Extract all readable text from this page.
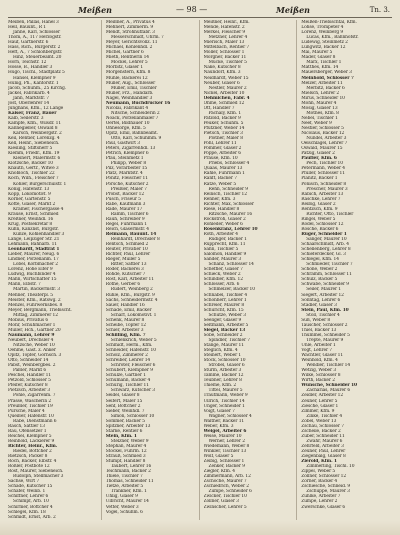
Meißen	— 98 —	Meißen	Tn. 3.
Meißen, Pallas, Hänel 3
Hell, Bauunt., R 1
Jahne, Karl, Schlosser
Thom, A., 117 Herzogstr.
Hauf, Gärtnerstr. 6
Hass, Rich., Bürgerstr. 2
Heft, A., 7 Schloßbergstr.
Hinz, Steuerbeamt. 20
Horn, Teichstr. 12
Hosse, B., Händler 3
Hugo, Tischl., Stadtplatz 5
Hänsel, Klempner 9
Hünig, Ph., Kantorstr. 1
Jacob, Schuhm., 25 Kirchg.
Jäckel, Fabrikarb. 4
Jahn, Marktstr. 7
Jost, Oberlehrer 14
Junghans, Kfm., 12 Lange
Kaiser, Franz, Bauer
Kalb, Seilerstr. 3
Kämpfe, Kfm., Wilsdr. 11
Kannegießer, Oswald 8
Karsch, Weinbergstr. 2
Keil, Rentier, Lorenzg. 4
Kell, Heinr., Siebeneich.
Kiesling, Stiftsherr 5
Klemm, Friedr., Kfm. 19
Kleinert, Malermstr. 6
Klotzsche, Bäcker 10
Knauth, Gertr., Witwe 3
Knobloch, Tischler 22
Koch, Wilh., Fleischer 7
Köhler, Bürgerschulstr. 1
König, Hafenstr. 13
Kopp, Lokomotivf. 9
Körner, Gartenstr. 5
Kotte, Glaser, Markt 2
Kramer, Fischergasse 4
Krause, Ernst, Schmied
Kreßner, Weinhdl. 16
Krug, Postsekretär 8
Kühn, Kanzlist, Burgstr.
Kunze, Kohlenhändler 3
Lange, Leipziger Str. 21
Lehmann, Bahnarb. 11
Leonhardt, Stadtrat 1
Lieber, Maurer, Neug. 6
Lindner, Porzellanm. 17
Löbel, Korbmacher 2
Lorenz, Hohe Eifer 9
Ludwig, Buchbinder 4
Mahn, Wirtschafter 15
Mann, Elbstr. 7
Martin, Bäckermstr. 3
Mehner, Theaterpl. 5
Meister, Kfm., Ratswg. 2
Menzel, Fuhrwerksbes. 8
Meyer, Bergmann, Triebischt.
Mittag, Zimmerer 12
Möbius, Privatus 6
Mohr, Schuhmacher 1
Müller, Hch., Gärtner 20
Naumann, Lehrer 9
Neubert, Drechsler 4
Nitzsche, Weber 10
Oehme, Gast. z. Anker
Opitz, Töpfer, Görnsch. 3
Otto, Schneider 14
Pabst, Weinbergbes. 2
Päßler, Markt 6
Peschel, Händler 11
Petzold, Schlosser 5
Pfeifer, Kutscher 8
Pietzsch, Arbeiter 3
Pohle, Zigarrenm. 7
Prasse, Wäscherin 2
Preußler, Tischler 19
Pursche, Maler 4
Queißer, Hafenstr. 10
Rabe, Dienstmann 6
Rasch, Sattler 13
Rau, Ofensetzer 1
Reichel, Klempner 5
Reinhold, Lackierer 9
Richter, Heinr., Kfm.
Riedel, Böttcher 2
Rietzsch, Packer 8
Roch, Bäcker, Elbstr. 4
Rößler, Postbote 12
Rost, Maurer, Siebeneich.
Rudolph, Stellmacher 3
Sachse, Wirt 7
Schade, Kutscher 15
Schäfer, Weinb. 1
Schiffner, Lehrer 6
Schimpf, Arb. 10
Schirmer, Böttcher 4
Schlegel, Kfm. 18
Schmidt, Ernst, Arb. 2
Meißner, A., Privatus 4
Mehnert, Zimmerm. 9
Mendt, Strohhutfabr. 3
Messerschmidt, Uhrm. 7
Meyer, Gerichtsvollz. 11
Michael, Kohlenhdl. 2
Michel, Gärtner 6
Mieth, Rentnerin 14
Möckel, Lehrer 5
Mörbitz, Glaser 1
Morgenstern, Kfm. 8
Mühle, Bäckerei 12
Müller, Aug., Schlosser
Müller, Emil, Tischler
Müller, Frz., Handarb.
Nagel, Weinhändler 3
Neumann, Buchdrucker 16
Nicolai, Fabrikant 4
Nitsche, Schneiderin 2
Noack, Porzellanmaler 7
Oertel, Bildhauer 10
Ohnesorge, Kfm. 5
Opitz, Emil, Bahnbeamt.
Otto, Karl, Schuhmm. 9
Paul, Gastwirt 3
Peters, Zigarrenhdl. 13
Petrich, Klempner 6
Pfau, Steinmetz 1
Philipp, Weber 8
Pilz, Vorarbeiter 15
Platz, Marktstr. 4
Pönitz, Fleischer 11
Porsche, Kutscher 2
Preißler, Maler 7
Probst, Bäcker 12
Pusch, Friseur 5
Rabe, Kaufmann 3
Rade, Maurer 17
Ramm, Tischler 6
Rauh, Schreiber 9
Regel, Fuhrmann 1
Reich, Glasermstr. 4
Reimann, Bauunt. 14
Reinhardt, Drechsler 8
Rentsch, Schmied 2
Reuter, Privatier 10
Richter, Paul, Lehrer
Rieger, Müller 5
Ritter, Sattler 13
Röder, Bäckerei 3
Rohde, Kutscher 7
Rost, Karl, Arbeiter 11
Rothe, Gerber 6
Rudert, Weinberg 2
Rühle, Kfm., Burgstr. 9
Sachs, Schneidermstr. 4
Sauer, Händler 16
Schade, Emil, Bäcker
Scharf, Lokomotivf. 1
Schenk, Maurer 8
Scheibe, Töpfer 12
Schier, Arbeiter 3
Schilling, Kfm. 7
Schlenkrich, Weber 5
Schmidt, Herm., Kfm.
Schneider, Hafenstr. 10
Scholz, Zimmerer 2
Schreiber, Lehrer 14
Schröter, Fleischer 6
Schubert, Klempner 9
Schulze, Gärtner 1
Schumann, Bäcker 4
Schurig, Tischler 11
Schwarz, Kutscher 3
Seidel, Glaser 8
Seifert, Maler 15
Senf, Böttcher 2
Sieber, Weinhdl. 7
Simon, Schlosser 10
Sommer, Bäcker 5
Spitzner, Arbeiter 13
Starke, Rentier 6
Stein, Kfm. 1
Stelzner, Weber 9
Stephan, Maurer 4
Stöckel, Fuhrm. 12
Strauß, Schmied 3
Stumpf, Händler 8
Taubert, Lehrer 16
Teichmann, Bäcker 2
Thiele, Tischler 7
Thomas, Schneider 11
Tietze, Arbeiter 5
Tränkner, Kfm. 1
Uhlig, Glaser 9
Ulbricht, Maurer 14
Vetter, Weber 3
Vogel, Schuhm. 6
Meißner, Heinr., Kfm.
Mende, Hafenstr. 2
Merkel, Fleischer 9
Metzner, Lehrer 4
Mierisch, Maler 13
Mittelbach, Rentier 7
Möller, Schlosser 1
Morgner, Bäcker 11
Mucke, Tischler 5
Nake, Kutscher 8
Naundorf, Kfm. 3
Neidhardt, Weber 15
Neuber, Glaser 6
Nestler, Maurer 2
Nickel, Arbeiter 10
Oehmichen, Fabr. 4
Ohme, Schmied 12
Ott, Händler 7
Pachaly, Kfm. 1
Pätzold, Bäcker 9
Peuker, Schuhm. 5
Pfützner, Weber 14
Pietsch, Tischler 3
Plötner, Maler 8
Pohl, Lehrer 11
Pommer, Glaser 2
Poppe, Arbeiter 6
Prause, Kfm. 10
Priebs, Schlosser 4
Quaas, Maurer 13
Rahle, Fuhrmann 1
Ranft, Bäcker 7
Rätze, Weber 5
Rehn, Schneider 9
Reinsch, Tischler 12
Renner, Kfm. 3
Richter, Max, Schlosser
Riese, Händler 8
Ritzsche, Maurer 16
Rockstroh, Glaser 2
Rohleder, Weber 6
Rosenkranz, Lehrer 10
Roth, Arbeiter 4
Rüdiger, Bäcker 1
Rupprecht, Kfm. 11
Sähn, Tischler 5
Salomon, Händler 9
Sander, Maurer 3
Schanz, Schlosser 14
Scheffler, Glaser 7
Schieck, Weber 2
Schindler, Kfm. 12
Schlosser, Arb. 6
Schmelzer, Bäcker 10
Schnabel, Tischler 4
Schönherr, Lehrer 1
Schreier, Maurer 8
Schuricht, Kfm. 15
Schütze, Weber 3
Seeliger, Glaser 9
Seltmann, Arbeiter 5
Siegel, Bäcker 13
Sobe, Schneider 2
Spindler, Tischler 7
Stange, Maurer 11
Steglich, Kfm. 4
Steinert, Weber 1
Stock, Schlosser 10
Strobel, Glaser 6
Sturm, Arbeiter 3
Tamme, Bäcker 12
Teubner, Lehrer 8
Thieme, Kfm. 2
Tittel, Maurer 5
Trautmann, Weber 9
Ullrich, Tischler 14
Unger, Schneider 1
Voigt, Glaser 7
Wagner, Schlosser 4
Walther, Bäcker 11
Weber, Kfm. 3
Weigel, Arbeiter 6
Weise, Maurer 10
Werner, Lehrer 2
Wiedemann, Weber 8
Winkler, Tischler 13
Wolf, Glaser 5
Zeibig, Schlosser 1
Zenker, Bäcker 9
Ziegler, Kfm. 4
Zimmermann, Arb. 12
Zschoche, Maurer 7
Zschiedrich, Weber 2
Zumpe, Schneider 6
Zwicker, Tischler 10
Zöllner, Glaser 3
Zwinscher, Lehrer 5
Meißen-Triebischtal, Kfm.
Lohse, Trompeter 4
Lorenz, Weinberg 9
Lucas, Kfm., Bahnhofstr.
Ludewig, Steinmetz 2
Lungwitz, Bäcker 12
Mai, Maurer 5
Mäder, Glaser 8
Marx, Tischler 1
Matthes, Kfm. 14
Mauersberger, Weber 3
Meinhold, Schlosser 7
Melzer, Arbeiter 11
Merbitz, Bäcker 6
Mielsch, Lehrer 2
Mirus, Schneider 10
Mohn, Maurer 4
Mosig, Glaser 13
Mothes, Kfm. 8
Nebel, Tischler 1
Neef, Weber 9
Nestler, Schlosser 5
Nicolaus, Bäcker 12
Nündel, Arbeiter 3
Oelschlägel, Lehrer 7
Oswald, Maurer 15
Patzig, Glaser 2
Paufler, Kfm. 6
Pech, Tischler 10
Petermann, Weber 4
Pfüller, Schlosser 11
Planitz, Bäcker 1
Pönisch, Schneider 8
Prescher, Maurer 3
Rabich, Arbeiter 13
Raschke, Lehrer 7
Reißig, Glaser 2
Rentzsch, Kfm. 9
Richter, Otto, Tischler
Ringel, Weber 5
Rödel, Schlosser 12
Rosche, Bäcker 6
Rüger, Schneider 1
Sänger, Maurer 10
Schaarschmidt, Arb. 4
Schellenberg, Lehrer 8
Schieferdecker, Gl. 3
Schlegel, Kfm. 14
Schmieder, Tischler 7
Schöne, Weber 2
Schramm, Schlosser 11
Schulz, Bäcker 5
Schwabe, Schneider 9
Seiler, Maurer 1
Siegert, Arbeiter 12
Sonntag, Lehrer 6
Stadler, Glaser 3
Stein, Paul, Kfm. 10
Stoll, Tischler 4
Süß, Weber 8
Tauscher, Schlosser 2
Thiel, Bäcker 13
Thümmel, Schneider 5
Trepte, Maurer 9
Uhle, Arbeiter 1
Vogt, Lehrer 7
Wächtler, Glaser 11
Weinhold, Kfm. 4
Wendler, Tischler 14
Wetzig, Weber 3
Wilke, Schlosser 8
Wirth, Bäcker 2
Wünsche, Schneider 10
Zacharias, Maurer 6
Zeidler, Arbeiter 12
Zeuner, Lehrer 5
Ziesche, Glaser 1
Zimmer, Kfm. 9
Zinke, Tischler 4
Zobel, Weber 13
Zschau, Schlosser 7
Zscheile, Bäcker 2
Zuber, Schneider 11
Zwahr, Maurer 6
Zehrfeld, Arbeiter 3
Zeuner, Paul, Lehrer
Ziegenbalg, Glaser 8
Zierold, Kfm. 1
Zimmerling, Tischl. 10
Zippel, Weber 5
Zöllner, Schlosser 12
Zörner, Bäcker 4
Zschiesche, Schneid. 9
Zschuppe, Maurer 3
Zühlke, Arbeiter 7
Zumpe, Lehrer 2
Zwerschke, Glaser 6
